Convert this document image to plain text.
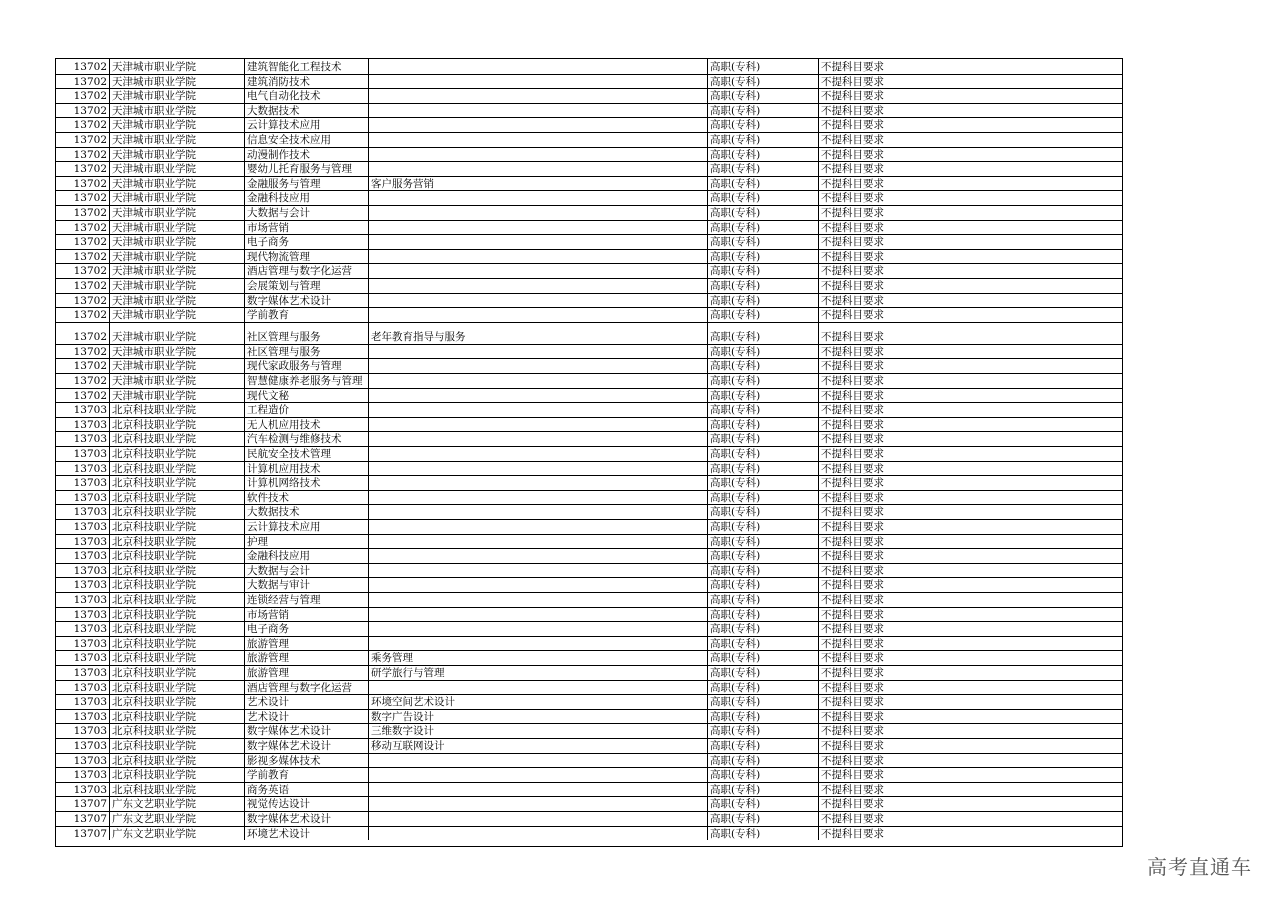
13702 天津城市职业学院	建筑智能化工程技术	高职(专科)	不提科目要求
13702 天津城市职业学院	建筑消防技术	高职(专科)	不提科目要求
13702 天津城市职业学院	电气自动化技术	高职(专科)	不提科目要求
13702 天津城市职业学院	大数据技术	高职(专科)	不提科目要求
13702 天津城市职业学院	云计算技术应用	高职(专科)	不提科目要求
13702 天津城市职业学院	信息安全技术应用	高职(专科)	不提科目要求
13702 天津城市职业学院	动漫制作技术	高职(专科)	不提科目要求
13702 天津城市职业学院	婴幼儿托育服务与管理	高职(专科)	不提科目要求
13702 天津城市职业学院	金融服务与管理	客户服务营销	高职(专科)	不提科目要求
13702 天津城市职业学院	金融科技应用	高职(专科)	不提科目要求
13702 天津城市职业学院	大数据与会计	高职(专科)	不提科目要求
13702 天津城市职业学院	市场营销	高职(专科)	不提科目要求
13702 天津城市职业学院	电子商务	高职(专科)	不提科目要求
13702 天津城市职业学院	现代物流管理	高职(专科)	不提科目要求
13702 天津城市职业学院	酒店管理与数字化运营	高职(专科)	不提科目要求
13702 天津城市职业学院	会展策划与管理	高职(专科)	不提科目要求
13702 天津城市职业学院	数字媒体艺术设计	高职(专科)	不提科目要求
13702 天津城市职业学院	学前教育	高职(专科)	不提科目要求
13702 天津城市职业学院	社区管理与服务	老年教育指导与服务	高职(专科)	不提科目要求
13702 天津城市职业学院	社区管理与服务	高职(专科)	不提科目要求
13702 天津城市职业学院	现代家政服务与管理	高职(专科)	不提科目要求
13702 天津城市职业学院	智慧健康养老服务与管理	高职(专科)	不提科目要求
13702 天津城市职业学院	现代文秘	高职(专科)	不提科目要求
13703 北京科技职业学院	工程造价	高职(专科)	不提科目要求
13703 北京科技职业学院	无人机应用技术	高职(专科)	不提科目要求
13703 北京科技职业学院	汽车检测与维修技术	高职(专科)	不提科目要求
13703 北京科技职业学院	民航安全技术管理	高职(专科)	不提科目要求
13703 北京科技职业学院	计算机应用技术	高职(专科)	不提科目要求
13703 北京科技职业学院	计算机网络技术	高职(专科)	不提科目要求
13703 北京科技职业学院	软件技术	高职(专科)	不提科目要求
13703 北京科技职业学院	大数据技术	高职(专科)	不提科目要求
13703 北京科技职业学院	云计算技术应用	高职(专科)	不提科目要求
13703 北京科技职业学院	护理	高职(专科)	不提科目要求
13703 北京科技职业学院	金融科技应用	高职(专科)	不提科目要求
13703 北京科技职业学院	大数据与会计	高职(专科)	不提科目要求
13703 北京科技职业学院	大数据与审计	高职(专科)	不提科目要求
13703 北京科技职业学院	连锁经营与管理	高职(专科)	不提科目要求
13703 北京科技职业学院	市场营销	高职(专科)	不提科目要求
13703 北京科技职业学院	电子商务	高职(专科)	不提科目要求
13703 北京科技职业学院	旅游管理	高职(专科)	不提科目要求
13703 北京科技职业学院	旅游管理	乘务管理	高职(专科)	不提科目要求
13703 北京科技职业学院	旅游管理	研学旅行与管理	高职(专科)	不提科目要求
13703 北京科技职业学院	酒店管理与数字化运营	高职(专科)	不提科目要求
13703 北京科技职业学院	艺术设计	环境空间艺术设计	高职(专科)	不提科目要求
13703 北京科技职业学院	艺术设计	数字广告设计	高职(专科)	不提科目要求
13703 北京科技职业学院	数字媒体艺术设计	三维数字设计	高职(专科)	不提科目要求
13703 北京科技职业学院	数字媒体艺术设计	移动互联网设计	高职(专科)	不提科目要求
13703 北京科技职业学院	影视多媒体技术	高职(专科)	不提科目要求
13703 北京科技职业学院	学前教育	高职(专科)	不提科目要求
13703 北京科技职业学院	商务英语	高职(专科)	不提科目要求
13707 广东文艺职业学院	视觉传达设计	高职(专科)	不提科目要求
13707 广东文艺职业学院	数字媒体艺术设计	高职(专科)	不提科目要求
13707 广东文艺职业学院	环境艺术设计	高职(专科)	不提科目要求
高考直通车
